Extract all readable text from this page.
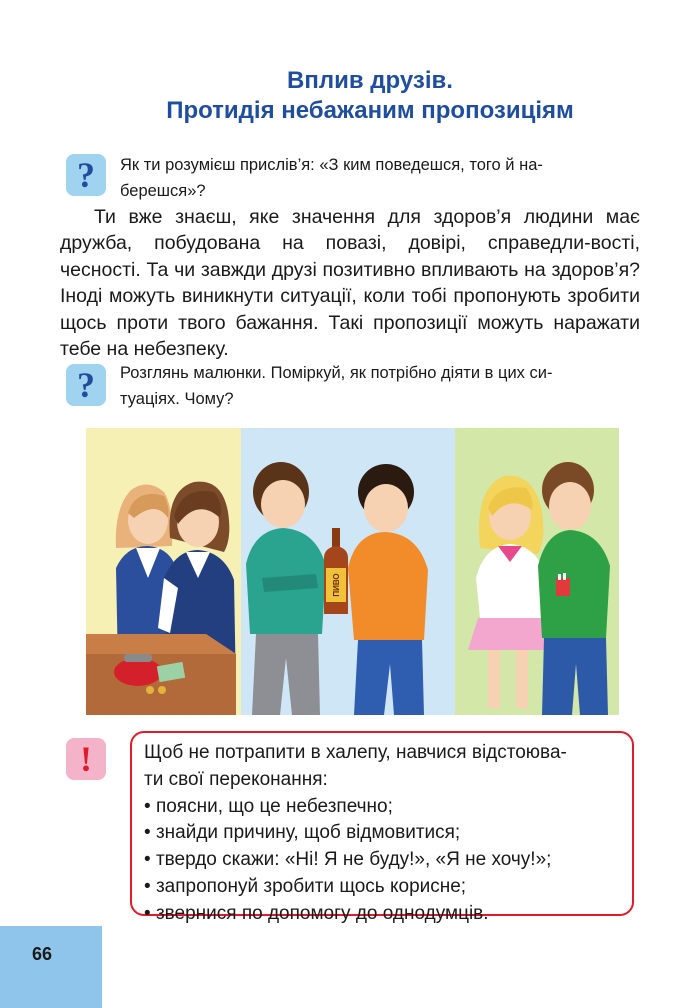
Вплив друзів.
Протидія небажаним пропозиціям
?	Як ти розумієш прислів’я: «З ким поведешся, того й на-
берешся»?

Ти вже знаєш, яке значення для здоров’я людини має дружба, побудована на повазі, довірі, справедли-вості, чесності. Та чи завжди друзі позитивно впливають на здоров’я? Іноді можуть виникнути ситуації, коли тобі пропонують зробити щось проти твого бажання. Такі пропозиції можуть наражати тебе на небезпеку.

?	Розглянь малюнки. Поміркуй, як потрібно діяти в цих си-
туаціях. Чому?
ПИВО
!	Щоб не потрапити в халепу, навчися відстоюва-
ти свої переконання:
• поясни, що це небезпечно;
• знайди причину, щоб відмовитися;
• твердо скажи: «Ні! Я не буду!», «Я не хочу!»;
• запропонуй зробити щось корисне;
• звернися по допомогу до однодумців.
66
